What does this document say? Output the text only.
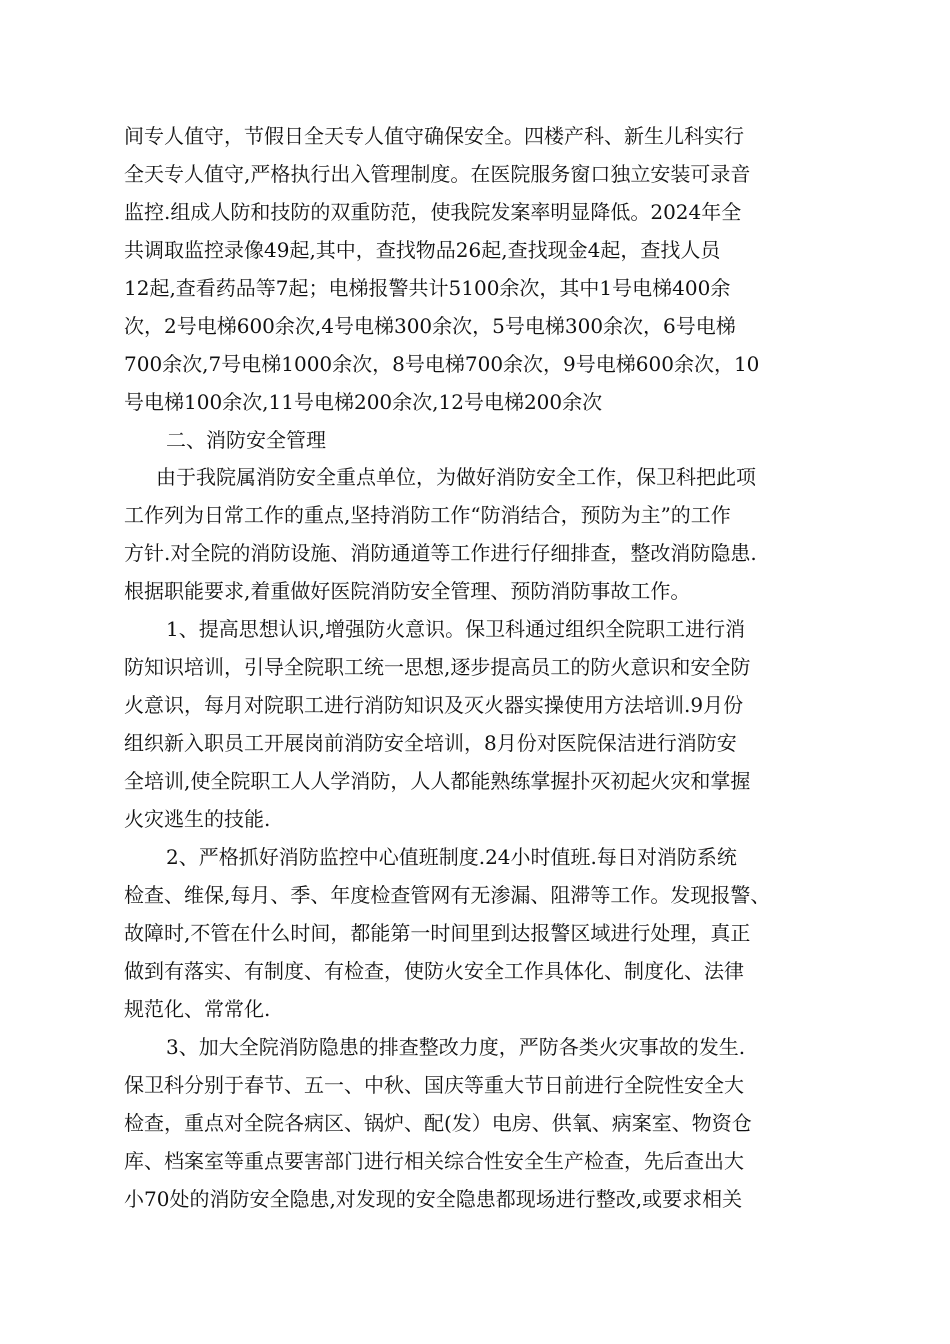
间专人值守，节假日全天专人值守确保安全。四楼产科、新生儿科实行
全天专人值守,严格执行出入管理制度。在医院服务窗口独立安装可录音
监控.组成人防和技防的双重防范，使我院发案率明显降低。2024年全
共调取监控录像49起,其中，查找物品26起,查找现金4起，查找人员
12起,查看药品等7起；电梯报警共计5100余次，其中1号电梯400余
次，2号电梯600余次,4号电梯300余次，5号电梯300余次，6号电梯
700余次,7号电梯1000余次，8号电梯700余次，9号电梯600余次，10
号电梯100余次,11号电梯200余次,12号电梯200余次
二、消防安全管理
由于我院属消防安全重点单位，为做好消防安全工作，保卫科把此项
工作列为日常工作的重点,坚持消防工作“防消结合，预防为主”的工作
方针.对全院的消防设施、消防通道等工作进行仔细排查，整改消防隐患.
根据职能要求,着重做好医院消防安全管理、预防消防事故工作。
1、提高思想认识,增强防火意识。保卫科通过组织全院职工进行消
防知识培训，引导全院职工统一思想,逐步提高员工的防火意识和安全防
火意识，每月对院职工进行消防知识及灭火器实操使用方法培训.9月份
组织新入职员工开展岗前消防安全培训，8月份对医院保洁进行消防安
全培训,使全院职工人人学消防，人人都能熟练掌握扑灭初起火灾和掌握
火灾逃生的技能.
2、严格抓好消防监控中心值班制度.24小时值班.每日对消防系统
检查、维保,每月、季、年度检查管网有无渗漏、阻滞等工作。发现报警、
故障时,不管在什么时间，都能第一时间里到达报警区域进行处理，真正
做到有落实、有制度、有检查，使防火安全工作具体化、制度化、法律
规范化、常常化.
3、加大全院消防隐患的排查整改力度，严防各类火灾事故的发生.
保卫科分别于春节、五一、中秋、国庆等重大节日前进行全院性安全大
检查，重点对全院各病区、锅炉、配(发）电房、供氧、病案室、物资仓
库、档案室等重点要害部门进行相关综合性安全生产检查，先后查出大
小70处的消防安全隐患,对发现的安全隐患都现场进行整改,或要求相关
